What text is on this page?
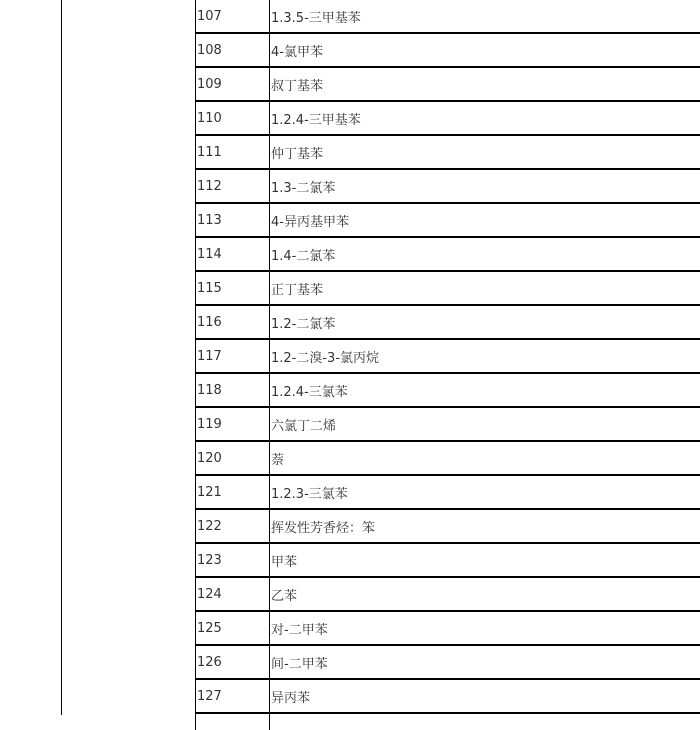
107	1.3.5-三甲基苯
108	4-氯甲苯
109	叔丁基苯
110	1.2.4-三甲基苯
111	仲丁基苯
112	1.3-二氯苯
113	4-异丙基甲苯
114	1.4-二氯苯
115	正丁基苯
116	1.2-二氯苯
117	1.2-二溴-3-氯丙烷
118	1.2.4-三氯苯
119	六氯丁二烯
120	萘
121	1.2.3-三氯苯
122	挥发性芳香烃：笨
123	甲苯
124	乙苯
125	对-二甲苯
126	间-二甲苯
127	异丙苯
